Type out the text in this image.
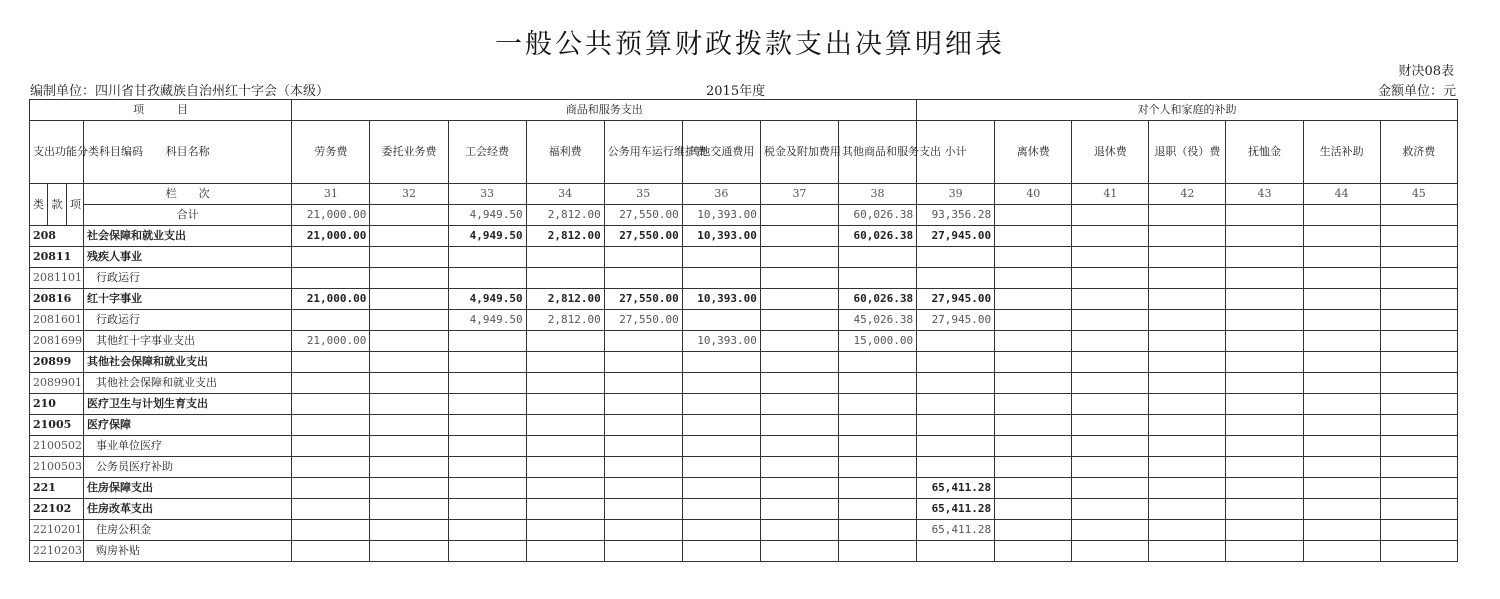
一般公共预算财政拨款支出决算明细表
财决08表
编制单位：四川省甘孜藏族自治州红十字会（本级）	2015年度	金额单位：元
项　　　目				商品和服务支出								对个人和家庭的补助						
支出功能分类科目编码			科目名称	劳务费	委托业务费	工会经费	福利费	公务用车运行维护费	其他交通费用	税金及附加费用	其他商品和服务支出	小计	离休费	退休费	退职（役）费	抚恤金	生活补助	救济费
类	款	项	栏　　次	31	32	33	34	35	36	37	38	39	40	41	42	43	44	45
			合计	21,000.00		4,949.50	2,812.00	27,550.00	10,393.00		60,026.38	93,356.28						
208			社会保障和就业支出	21,000.00		4,949.50	2,812.00	27,550.00	10,393.00		60,026.38	27,945.00						
20811			残疾人事业															
2081101			行政运行															
20816			红十字事业	21,000.00		4,949.50	2,812.00	27,550.00	10,393.00		60,026.38	27,945.00						
2081601			行政运行			4,949.50	2,812.00	27,550.00			45,026.38	27,945.00						
2081699			其他红十字事业支出	21,000.00					10,393.00		15,000.00							
20899			其他社会保障和就业支出															
2089901			其他社会保障和就业支出															
210			医疗卫生与计划生育支出															
21005			医疗保障															
2100502			事业单位医疗															
2100503			公务员医疗补助															
221			住房保障支出									65,411.28						
22102			住房改革支出									65,411.28						
2210201			住房公积金									65,411.28						
2210203			购房补贴															
